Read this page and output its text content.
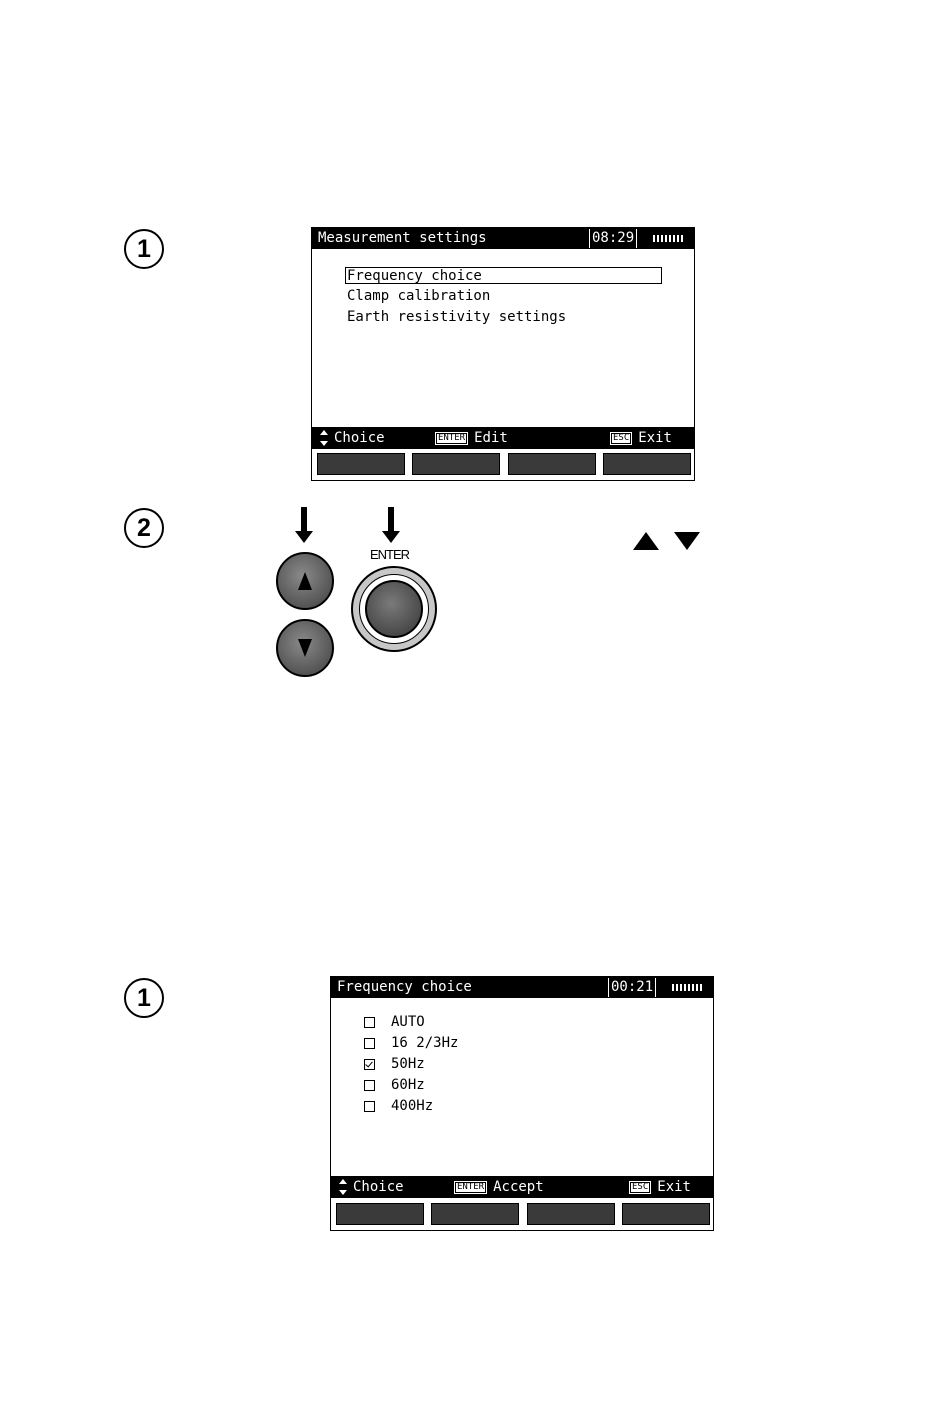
1	Measurement settings	08:29
Frequency choice
Clamp calibration
Earth resistivity settings
Choice	ENTER Edit	ESC Exit
2
ENTER
1	Frequency choice	00:21
AUTO
16 2/3Hz
50Hz
60Hz
400Hz
Choice	ENTER Accept	ESC Exit
